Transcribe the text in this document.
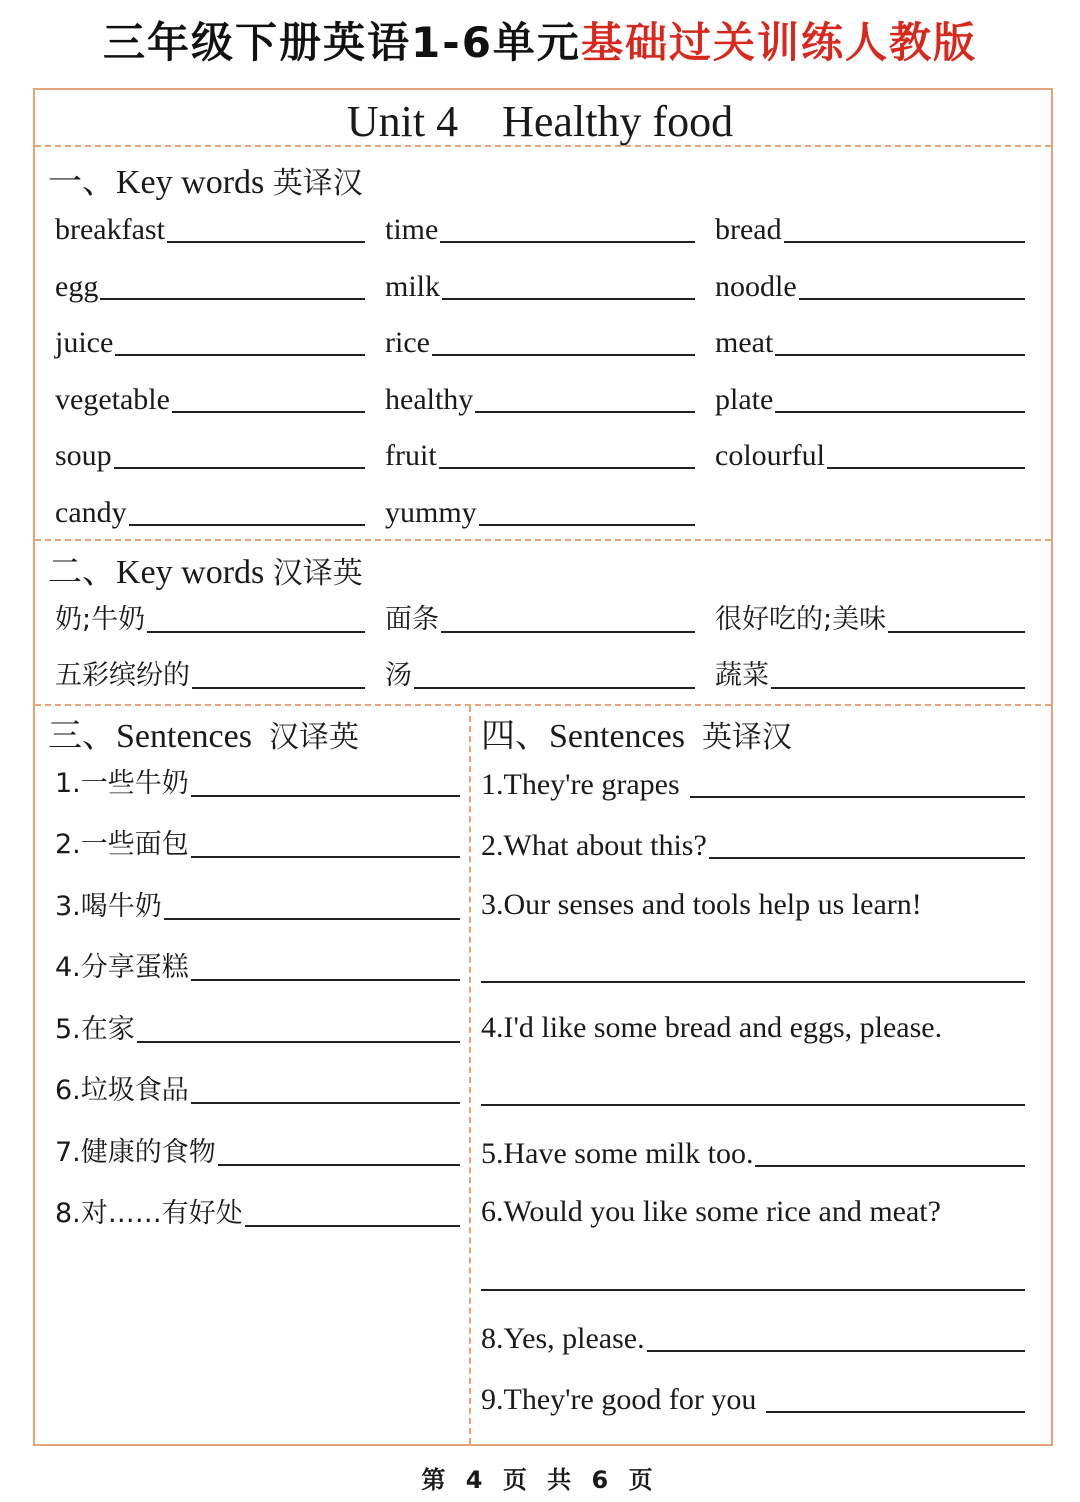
三年级下册英语1-6单元基础过关训练人教版
Unit 4    Healthy food
一、Key words 英译汉
breakfast	time	bread
egg	milk	noodle
juice	rice	meat
vegetable	healthy	plate
soup	fruit	colourful
candy	yummy
二、Key words 汉译英
奶;牛奶	面条	很好吃的;美味
五彩缤纷的	汤	蔬菜
三、Sentences  汉译英
1.一些牛奶
2.一些面包
3.喝牛奶
4.分享蛋糕
5.在家
6.垃圾食品
7.健康的食物
8.对……有好处
四、Sentences  英译汉
1.They're grapes
2.What about this?
3.Our senses and tools help us learn!
4.I'd like some bread and eggs, please.
5.Have some milk too.
6.Would you like some rice and meat?
8.Yes, please.
9.They're good for you
第 4 页 共 6 页
